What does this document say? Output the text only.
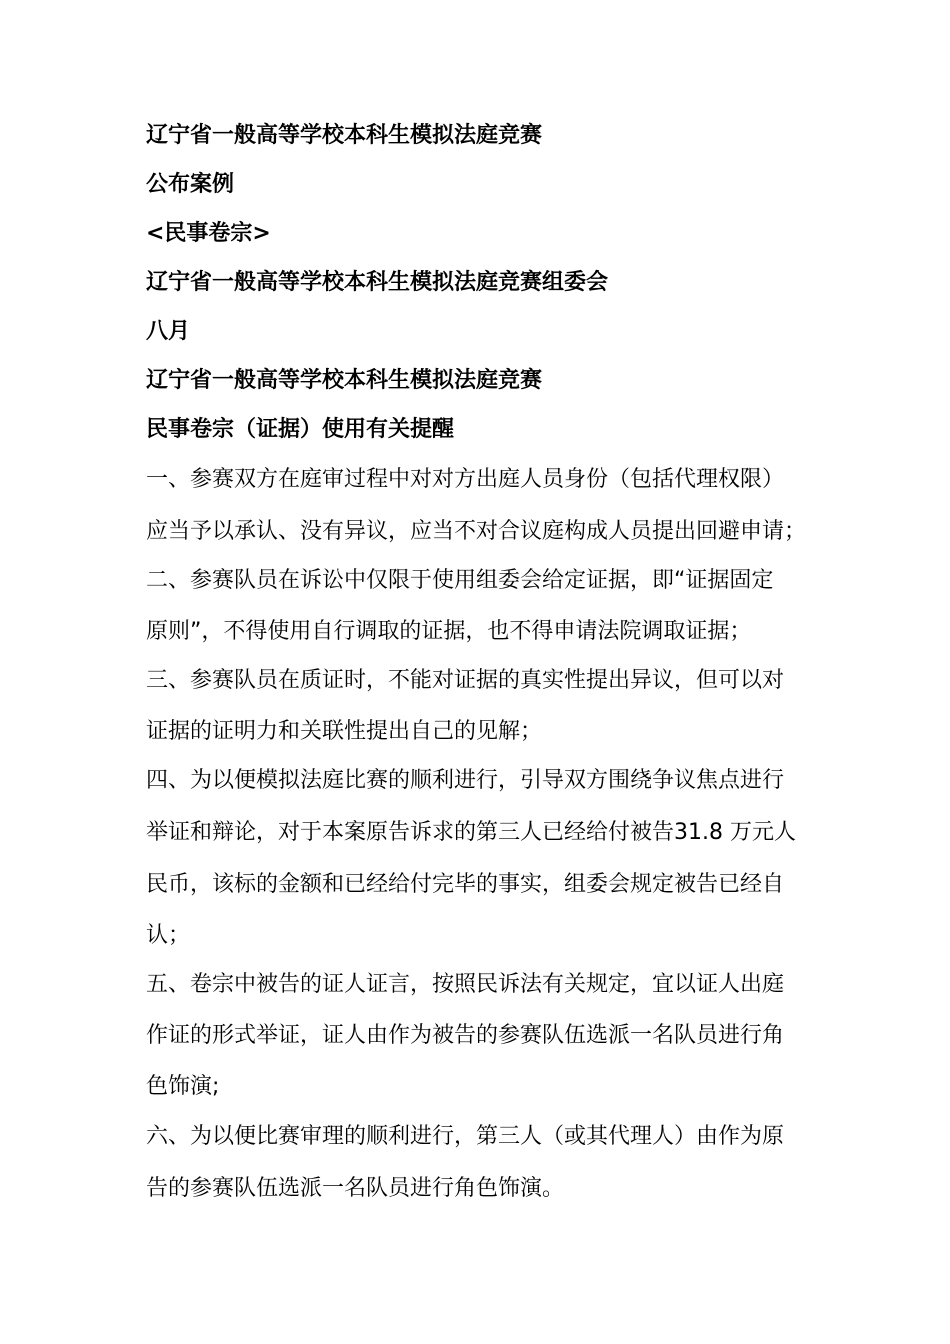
辽宁省一般高等学校本科生模拟法庭竞赛

公布案例

<民事卷宗>

辽宁省一般高等学校本科生模拟法庭竞赛组委会

八月

辽宁省一般高等学校本科生模拟法庭竞赛

民事卷宗（证据）使用有关提醒

一、参赛双方在庭审过程中对对方出庭人员身份（包括代理权限）

应当予以承认、没有异议，应当不对合议庭构成人员提出回避申请；

二、参赛队员在诉讼中仅限于使用组委会给定证据，即“证据固定

原则”，不得使用自行调取的证据，也不得申请法院调取证据；

三、参赛队员在质证时，不能对证据的真实性提出异议，但可以对

证据的证明力和关联性提出自己的见解；

四、为以便模拟法庭比赛的顺利进行，引导双方围绕争议焦点进行

举证和辩论，对于本案原告诉求的第三人已经给付被告31.8 万元人

民币，该标的金额和已经给付完毕的事实，组委会规定被告已经自

认；

五、卷宗中被告的证人证言，按照民诉法有关规定，宜以证人出庭

作证的形式举证，证人由作为被告的参赛队伍选派一名队员进行角

色饰演;

六、为以便比赛审理的顺利进行，第三人（或其代理人）由作为原

告的参赛队伍选派一名队员进行角色饰演。
